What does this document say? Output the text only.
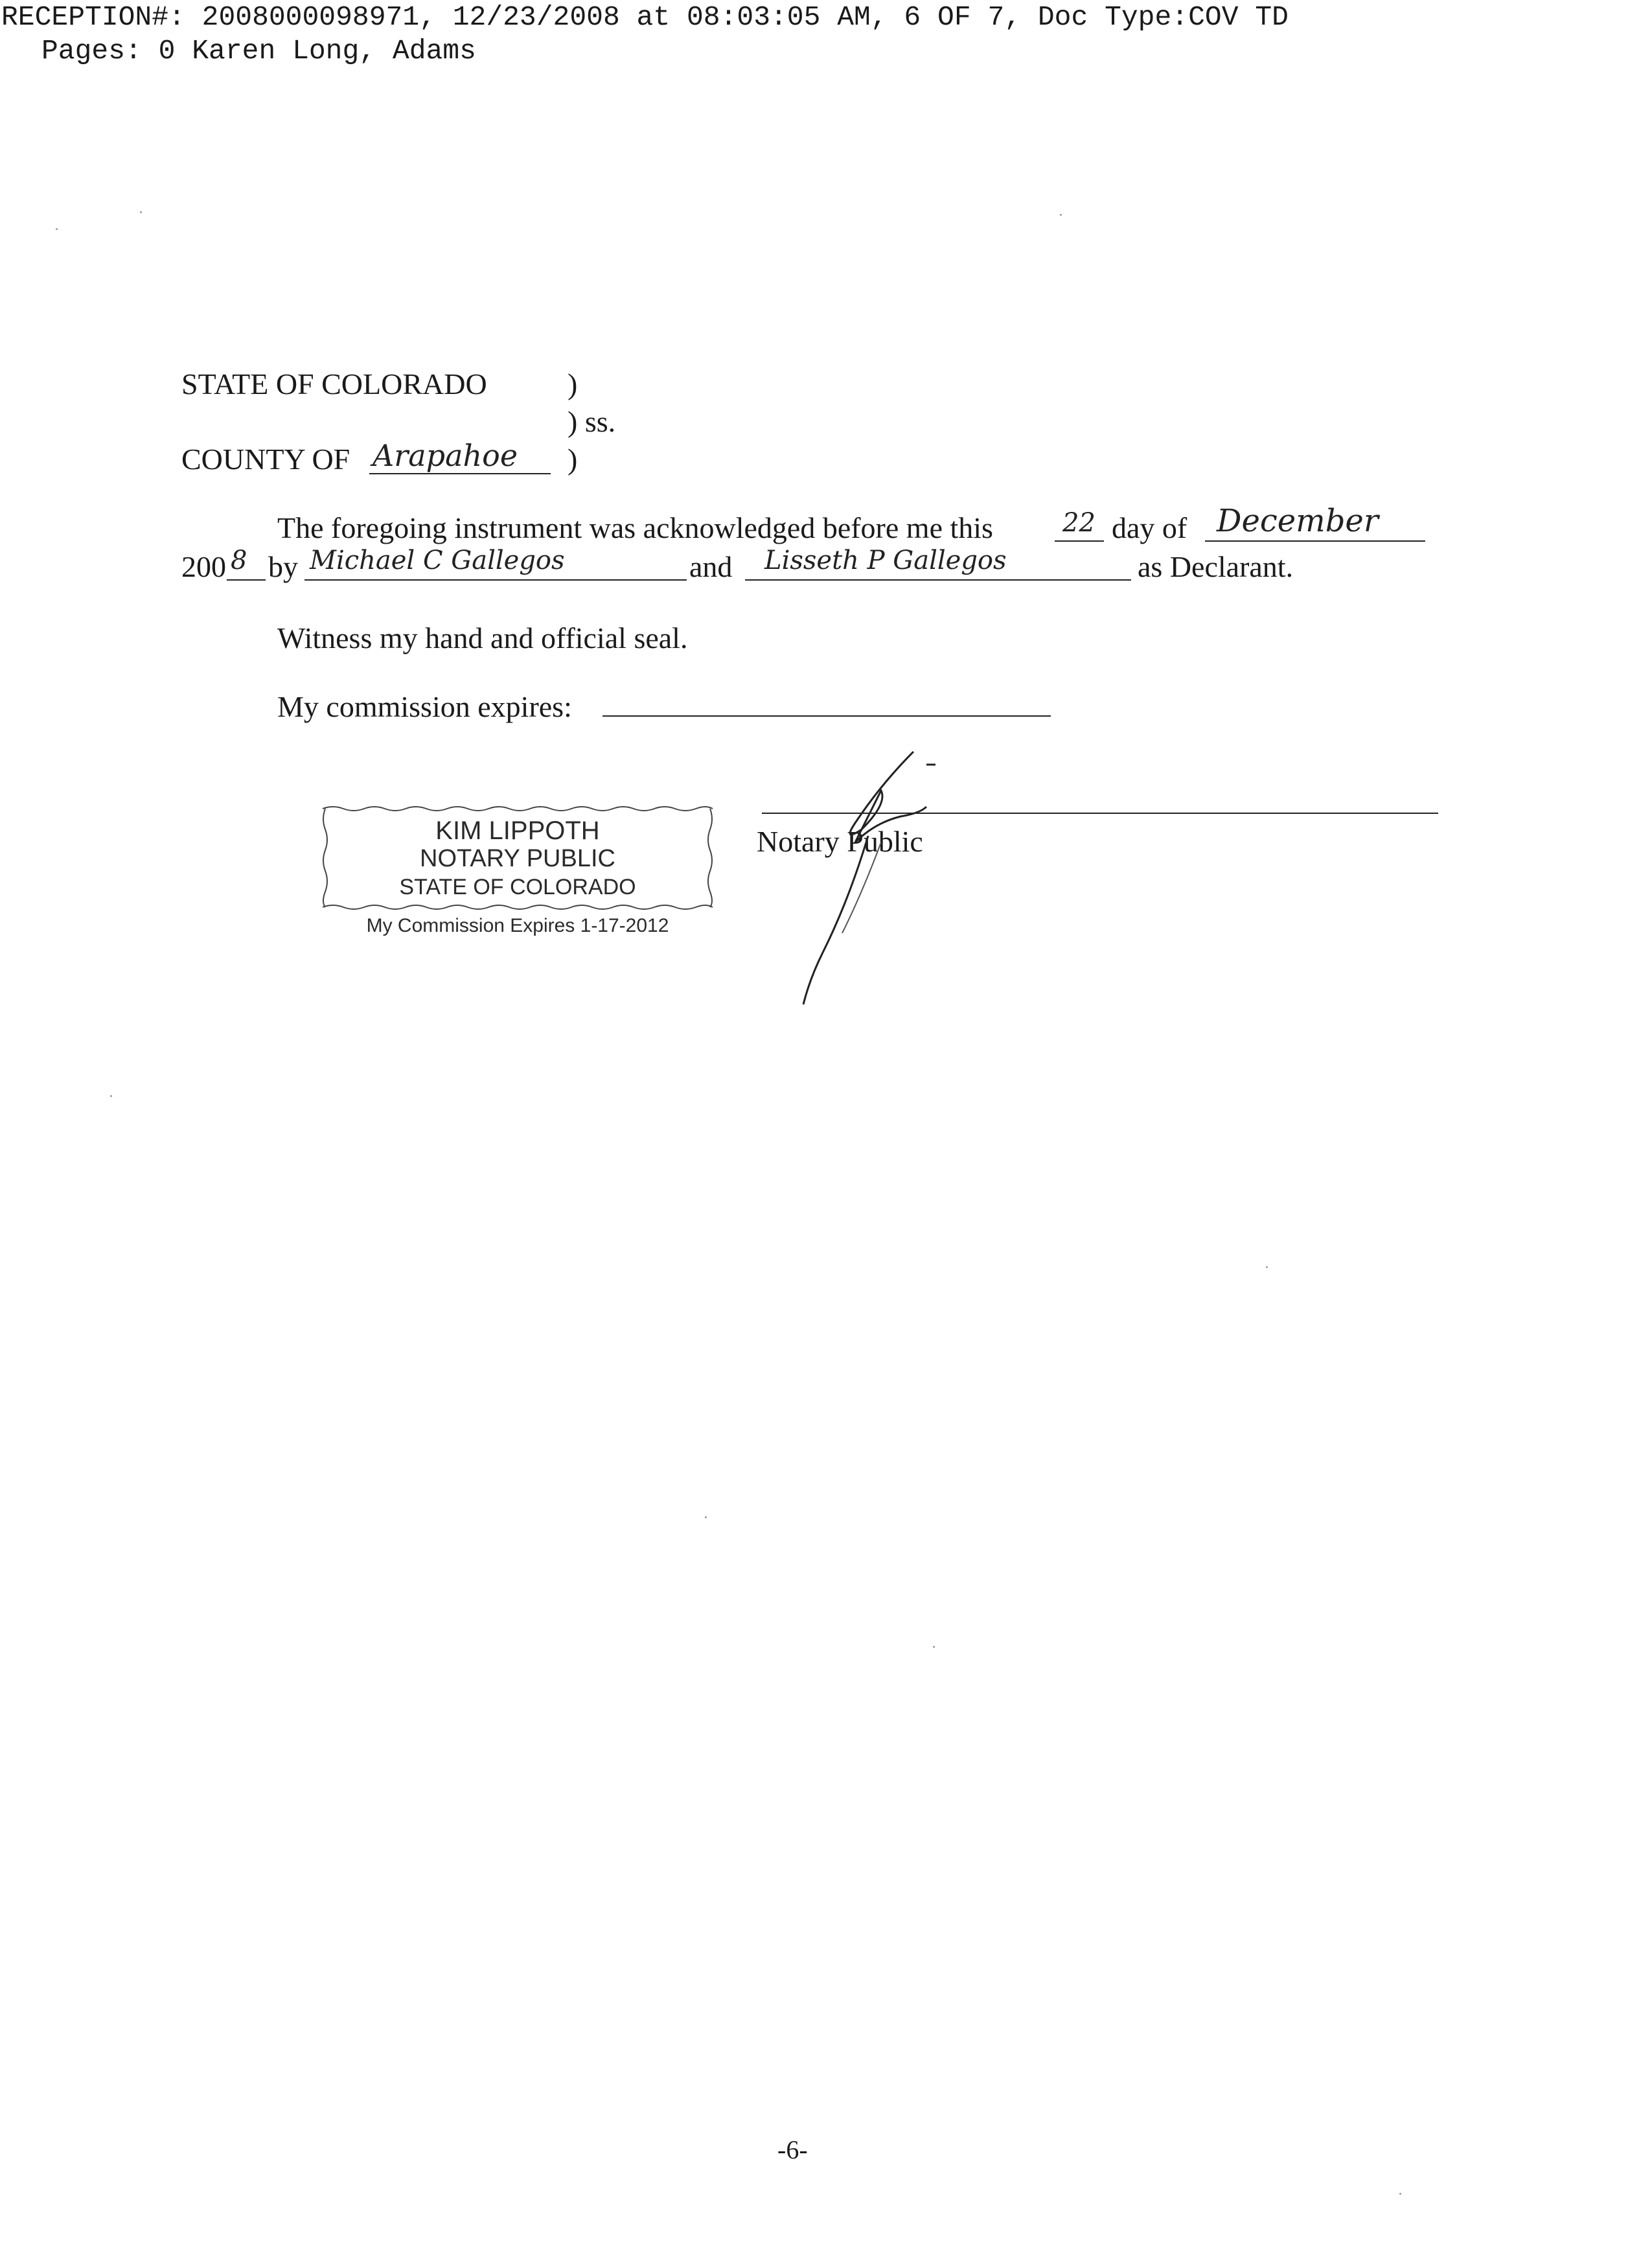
RECEPTION#: 2008000098971, 12/23/2008 at 08:03:05 AM, 6 OF 7, Doc Type:COV TD
Pages: 0 Karen Long, Adams
STATE OF COLORADO	)
) ss.
COUNTY OF Arapahoe )
The foregoing instrument was acknowledged before me this	22 day of December
200 8 by Michael C Gallegos	and Lisseth P Gallegos	as Declarant.
Witness my hand and official seal.
My commission expires:
KIM LIPPOTH
NOTARY PUBLIC
STATE OF COLORADO
My Commission Expires 1-17-2012
Notary Public
-6-
